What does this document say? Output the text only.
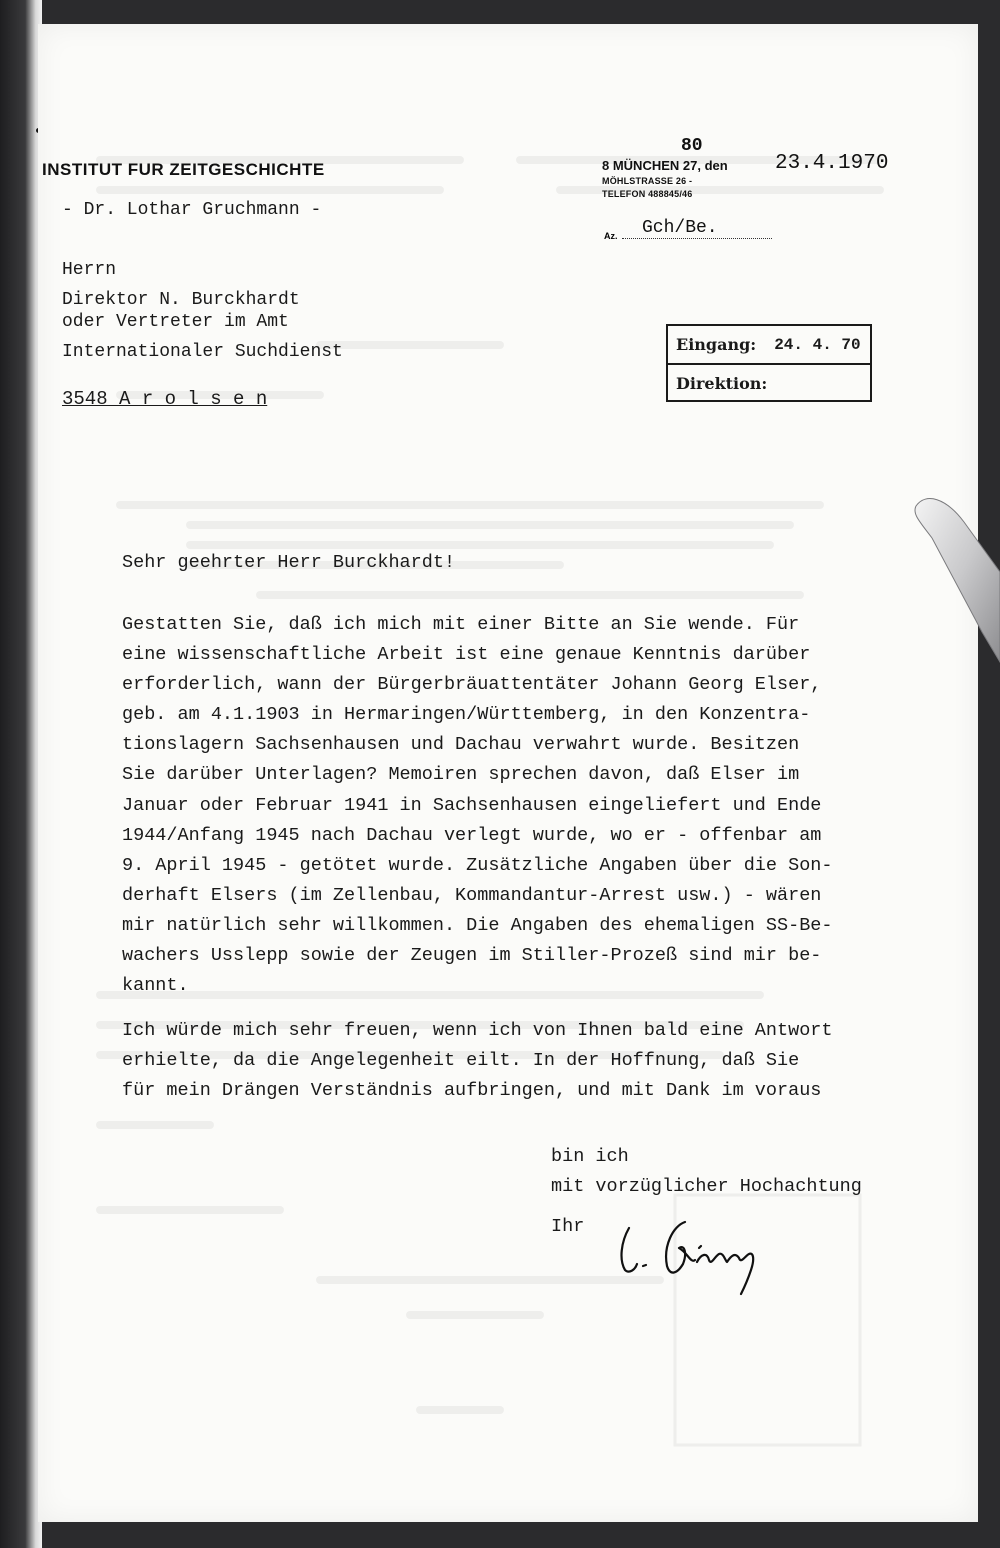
INSTITUT FUR ZEITGESCHICHTE
- Dr. Lothar Gruchmann -
80
8 MÜNCHEN 27, den
MÖHLSTRASSE 26 -
TELEFON 488845/46
23.4.1970
Az.	Gch/Be.
Herrn
Direktor N. Burckhardt
oder Vertreter im Amt
Internationaler Suchdienst
3548 A r o l s e n
Eingang: 24. 4. 70
Direktion:
Sehr geehrter Herr Burckhardt!
Gestatten Sie, daß ich mich mit einer Bitte an Sie wende. Für
eine wissenschaftliche Arbeit ist eine genaue Kenntnis darüber
erforderlich, wann der Bürgerbräuattentäter Johann Georg Elser,
geb. am 4.1.1903 in Hermaringen/Württemberg, in den Konzentra-
tionslagern Sachsenhausen und Dachau verwahrt wurde. Besitzen
Sie darüber Unterlagen? Memoiren sprechen davon, daß Elser im
Januar oder Februar 1941 in Sachsenhausen eingeliefert und Ende
1944/Anfang 1945 nach Dachau verlegt wurde, wo er - offenbar am
9. April 1945 - getötet wurde. Zusätzliche Angaben über die Son-
derhaft Elsers (im Zellenbau, Kommandantur-Arrest usw.) - wären
mir natürlich sehr willkommen. Die Angaben des ehemaligen SS-Be-
wachers Usslepp sowie der Zeugen im Stiller-Prozeß sind mir be-
kannt.
Ich würde mich sehr freuen, wenn ich von Ihnen bald eine Antwort
erhielte, da die Angelegenheit eilt. In der Hoffnung, daß Sie
für mein Drängen Verständnis aufbringen, und mit Dank im voraus
bin ich
mit vorzüglicher Hochachtung
Ihr
